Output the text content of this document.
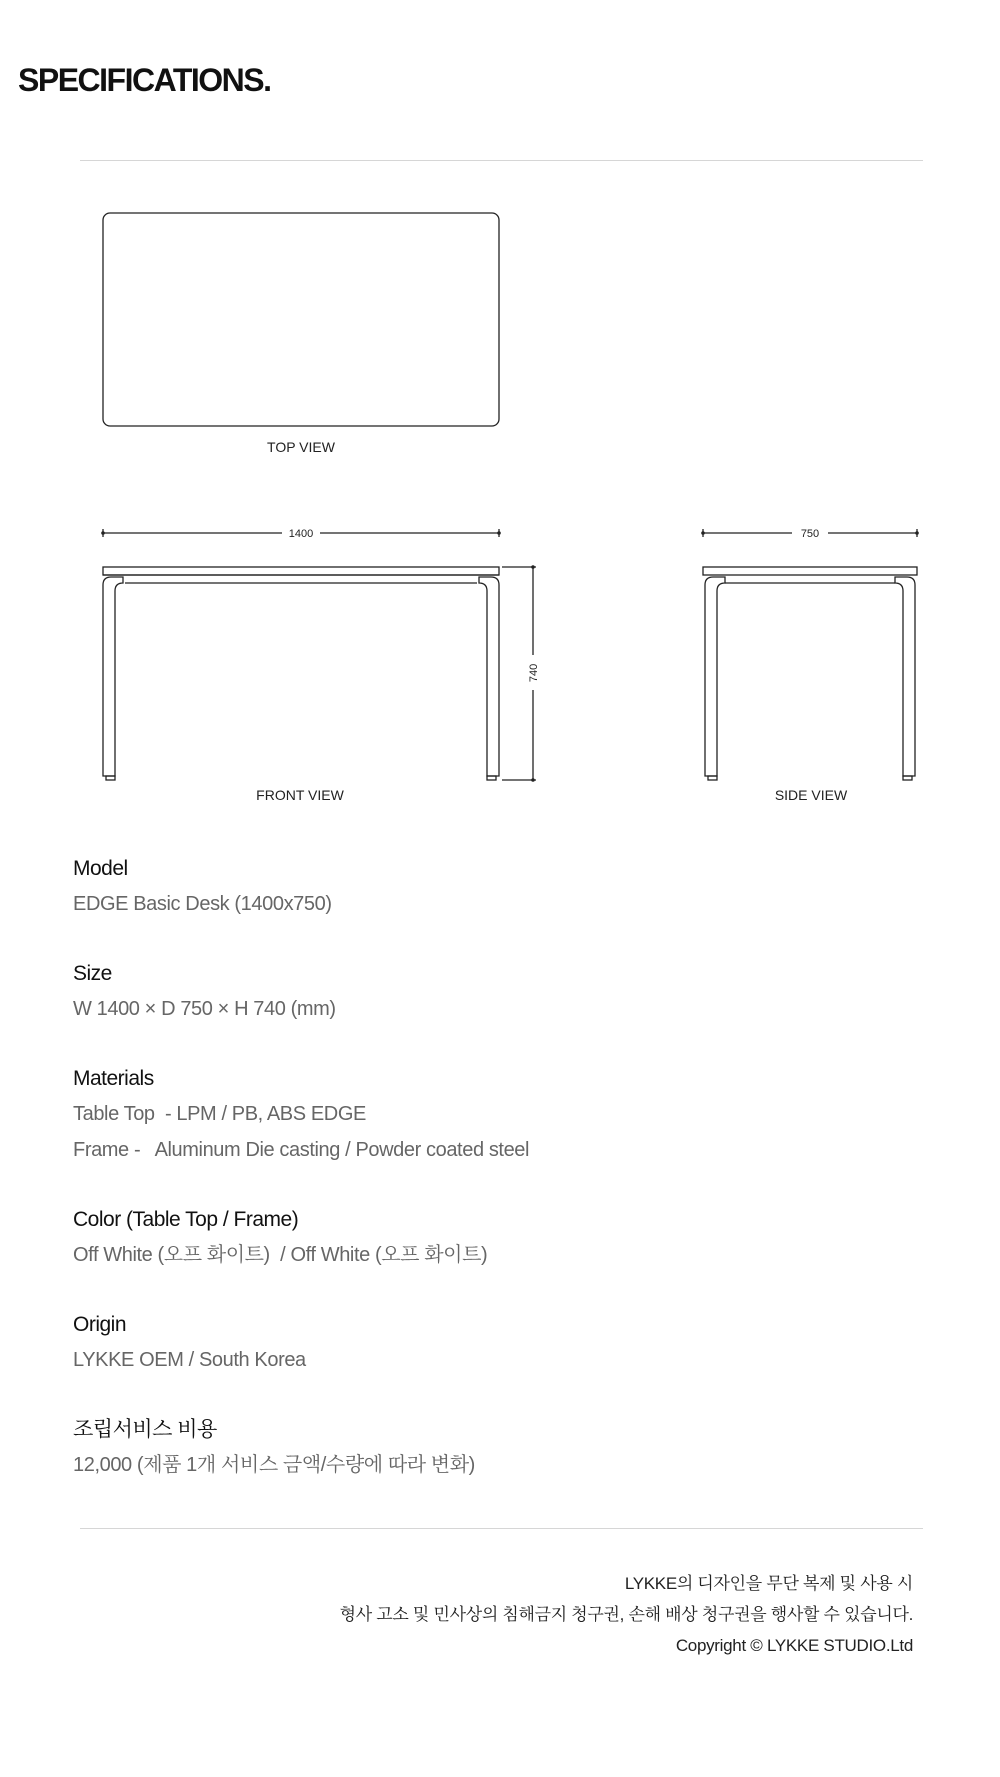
SPECIFICATIONS.
TOP VIEW
FRONT VIEW	SIDE VIEW
1400	750
740
Model
EDGE Basic Desk (1400x750)
Size
W 1400 × D 750 × H 740 (mm)
Materials
Table Top  - LPM / PB, ABS EDGE
Frame -   Aluminum Die casting / Powder coated steel
Color (Table Top / Frame)
Off White (오프 화이트)  / Off White (오프 화이트)
Origin
LYKKE OEM / South Korea
조립서비스 비용
12,000 (제품 1개 서비스 금액/수량에 따라 변화)
LYKKE의 디자인을 무단 복제 및 사용 시
형사 고소 및 민사상의 침해금지 청구권, 손해 배상 청구권을 행사할 수 있습니다.
Copyright © LYKKE STUDIO.Ltd
